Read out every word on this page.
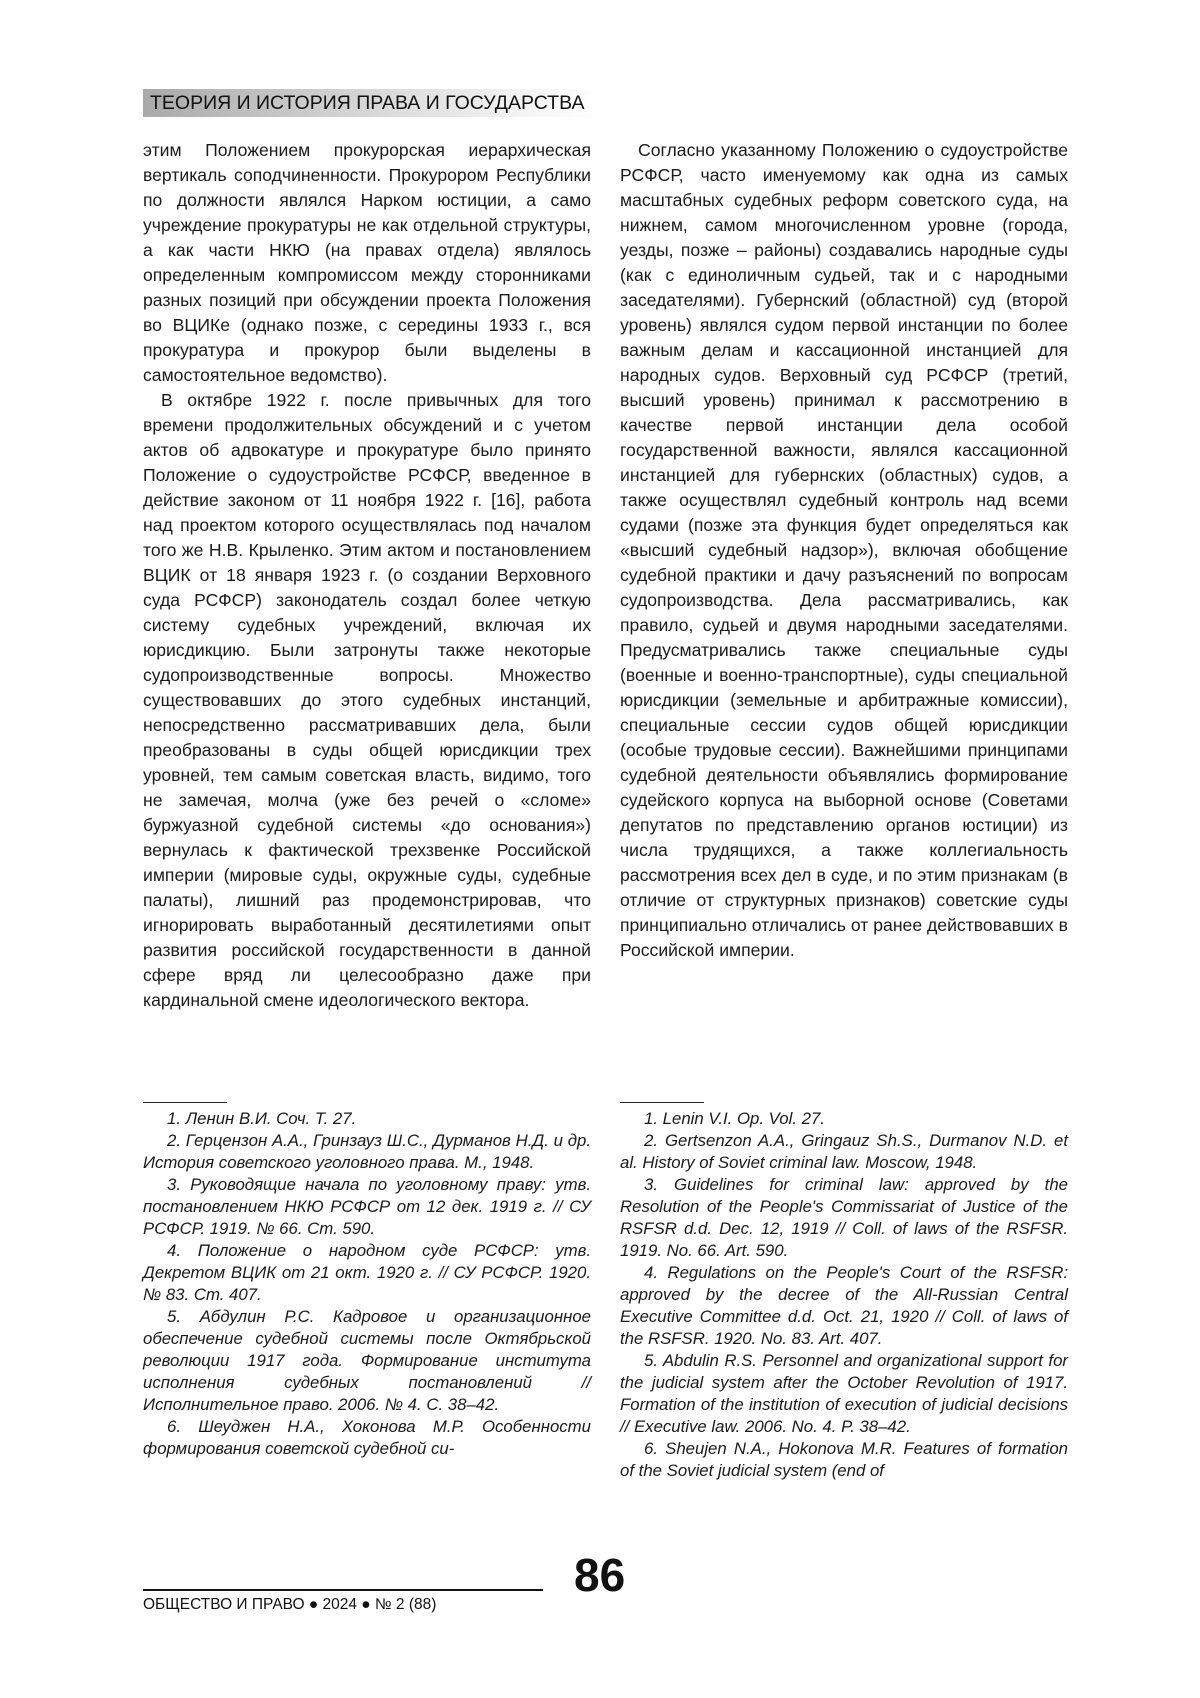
ТЕОРИЯ И ИСТОРИЯ ПРАВА И ГОСУДАРСТВА

этим Положением прокурорская иерархическая вертикаль соподчиненности. Прокурором Республики по должности являлся Нарком юстиции, а само учреждение прокуратуры не как отдельной структуры, а как части НКЮ (на правах отдела) являлось определенным компромиссом между сторонниками разных позиций при обсуждении проекта Положения во ВЦИКе (однако позже, с середины 1933 г., вся прокуратура и прокурор были выделены в самостоятельное ведомство).

В октябре 1922 г. после привычных для того времени продолжительных обсуждений и с учетом актов об адвокатуре и прокуратуре было принято Положение о судоустройстве РСФСР, введенное в действие законом от 11 ноября 1922 г. [16], работа над проектом которого осуществлялась под началом того же Н.В. Крыленко. Этим актом и постановлением ВЦИК от 18 января 1923 г. (о создании Верховного суда РСФСР) законодатель создал более четкую систему судебных учреждений, включая их юрисдикцию. Были затронуты также некоторые судопроизводственные вопросы. Множество существовавших до этого судебных инстанций, непосредственно рассматривавших дела, были преобразованы в суды общей юрисдикции трех уровней, тем самым советская власть, видимо, того не замечая, молча (уже без речей о «сломе» буржуазной судебной системы «до основания») вернулась к фактической трехзвенке Российской империи (мировые суды, окружные суды, судебные палаты), лишний раз продемонстрировав, что игнорировать выработанный десятилетиями опыт развития российской государственности в данной сфере вряд ли целесообразно даже при кардинальной смене идеологического вектора.

Согласно указанному Положению о судоустройстве РСФСР, часто именуемому как одна из самых масштабных судебных реформ советского суда, на нижнем, самом многочисленном уровне (города, уезды, позже – районы) создавались народные суды (как с единоличным судьей, так и с народными заседателями). Губернский (областной) суд (второй уровень) являлся судом первой инстанции по более важным делам и кассационной инстанцией для народных судов. Верховный суд РСФСР (третий, высший уровень) принимал к рассмотрению в качестве первой инстанции дела особой государственной важности, являлся кассационной инстанцией для губернских (областных) судов, а также осуществлял судебный контроль над всеми судами (позже эта функция будет определяться как «высший судебный надзор»), включая обобщение судебной практики и дачу разъяснений по вопросам судопроизводства. Дела рассматривались, как правило, судьей и двумя народными заседателями. Предусматривались также специальные суды (военные и военно-транспортные), суды специальной юрисдикции (земельные и арбитражные комиссии), специальные сессии судов общей юрисдикции (особые трудовые сессии). Важнейшими принципами судебной деятельности объявлялись формирование судейского корпуса на выборной основе (Советами депутатов по представлению органов юстиции) из числа трудящихся, а также коллегиальность рассмотрения всех дел в суде, и по этим признакам (в отличие от структурных признаков) советские суды принципиально отличались от ранее действовавших в Российской империи.

1. Ленин В.И. Соч. Т. 27.

2. Герцензон А.А., Гринзауз Ш.С., Дурманов Н.Д. и др. История советского уголовного права. М., 1948.

3. Руководящие начала по уголовному праву: утв. постановлением НКЮ РСФСР от 12 дек. 1919 г. // СУ РСФСР. 1919. № 66. Ст. 590.

4. Положение о народном суде РСФСР: утв. Декретом ВЦИК от 21 окт. 1920 г. // СУ РСФСР. 1920. № 83. Ст. 407.

5. Абдулин Р.С. Кадровое и организационное обеспечение судебной системы после Октябрьской революции 1917 года. Формирование института исполнения судебных постановлений // Исполнительное право. 2006. № 4. С. 38–42.

6. Шеуджен Н.А., Хоконова М.Р. Особенности формирования советской судебной си-

1. Lenin V.I. Op. Vol. 27.

2. Gertsenzon A.A., Gringauz Sh.S., Durmanov N.D. et al. History of Soviet criminal law. Moscow, 1948.

3. Guidelines for criminal law: approved by the Resolution of the People's Commissariat of Justice of the RSFSR d.d. Dec. 12, 1919 // Coll. of laws of the RSFSR. 1919. No. 66. Art. 590.

4. Regulations on the People's Court of the RSFSR: approved by the decree of the All-Russian Central Executive Committee d.d. Oct. 21, 1920 // Coll. of laws of the RSFSR. 1920. No. 83. Art. 407.

5. Abdulin R.S. Personnel and organizational support for the judicial system after the October Revolution of 1917. Formation of the institution of execution of judicial decisions // Executive law. 2006. No. 4. P. 38–42.

6. Sheujen N.A., Hokonova M.R. Features of formation of the Soviet judicial system (end of

ОБЩЕСТВО И ПРАВО ● 2024 ● № 2 (88)
86
